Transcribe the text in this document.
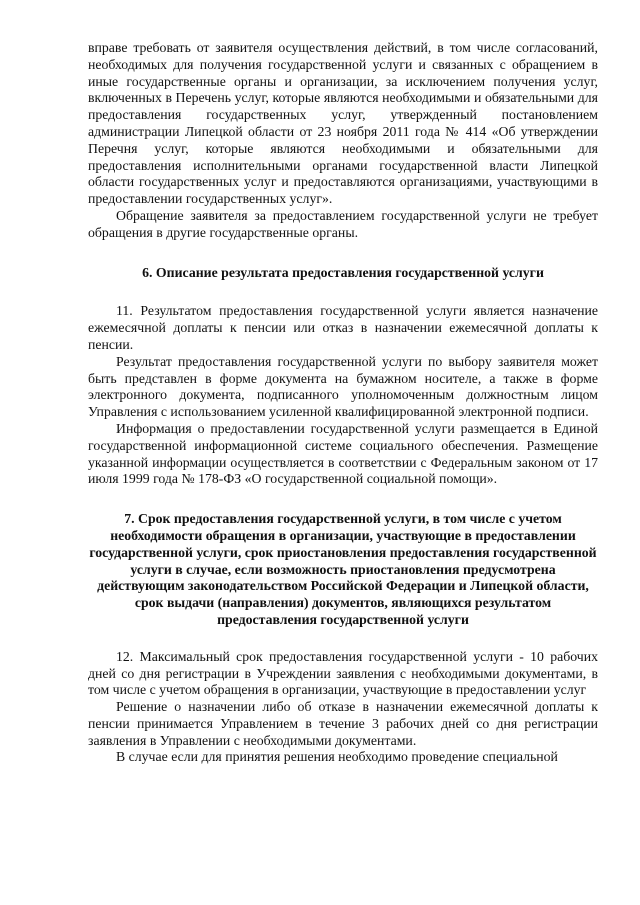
вправе требовать от заявителя осуществления действий, в том числе согласований, необходимых для получения государственной услуги и связанных с обращением в иные государственные органы и организации, за исключением получения услуг, включенных в Перечень услуг, которые являются необходимыми и обязательными для предоставления государственных услуг, утвержденный постановлением администрации Липецкой области от 23 ноября 2011 года № 414 «Об утверждении Перечня услуг, которые являются необходимыми и обязательными для предоставления исполнительными органами государственной власти Липецкой области государственных услуг и предоставляются организациями, участвующими в предоставлении государственных услуг».

Обращение заявителя за предоставлением государственной услуги не требует обращения в другие государственные органы.

6. Описание результата предоставления государственной услуги

11. Результатом предоставления государственной услуги является назначение ежемесячной доплаты к пенсии или отказ в назначении ежемесячной доплаты к пенсии.

Результат предоставления государственной услуги по выбору заявителя может быть представлен в форме документа на бумажном носителе, а также в форме электронного документа, подписанного уполномоченным должностным лицом Управления с использованием усиленной квалифицированной электронной подписи.

Информация о предоставлении государственной услуги размещается в Единой государственной информационной системе социального обеспечения. Размещение указанной информации осуществляется в соответствии с Федеральным законом от 17 июля 1999 года № 178-ФЗ «О государственной социальной помощи».

7. Срок предоставления государственной услуги, в том числе с учетом необходимости обращения в организации, участвующие в предоставлении государственной услуги, срок приостановления предоставления государственной услуги в случае, если возможность приостановления предусмотрена действующим законодательством Российской Федерации и Липецкой области, срок выдачи (направления) документов, являющихся результатом предоставления государственной услуги

12. Максимальный срок предоставления государственной услуги - 10 рабочих дней со дня регистрации в Учреждении заявления с необходимыми документами, в том числе с учетом обращения в организации, участвующие в предоставлении услуг

Решение о назначении либо об отказе в назначении ежемесячной доплаты к пенсии принимается Управлением в течение 3 рабочих дней со дня регистрации заявления в Управлении с необходимыми документами.

В случае если для принятия решения необходимо проведение специальной
